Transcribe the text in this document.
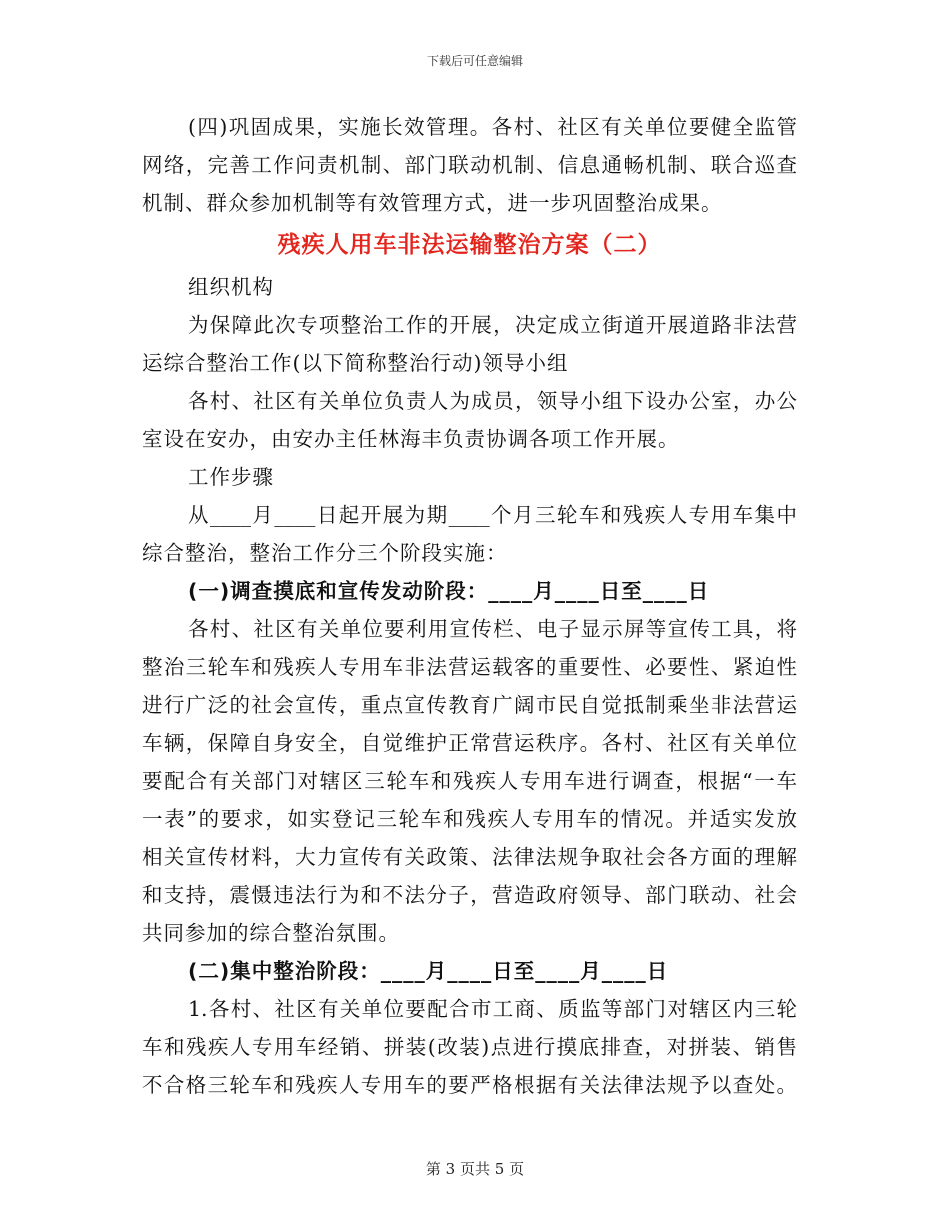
下载后可任意编辑
(四)巩固成果，实施长效管理。各村、社区有关单位要健全监管
网络，完善工作问责机制、部门联动机制、信息通畅机制、联合巡查
机制、群众参加机制等有效管理方式，进一步巩固整治成果。
残疾人用车非法运输整治方案（二）
组织机构
为保障此次专项整治工作的开展，决定成立街道开展道路非法营
运综合整治工作(以下简称整治行动)领导小组
各村、社区有关单位负责人为成员，领导小组下设办公室，办公
室设在安办，由安办主任林海丰负责协调各项工作开展。
工作步骤
从____月____日起开展为期____个月三轮车和残疾人专用车集中
综合整治，整治工作分三个阶段实施：
(一)调查摸底和宣传发动阶段：____月____日至____日
各村、社区有关单位要利用宣传栏、电子显示屏等宣传工具，将
整治三轮车和残疾人专用车非法营运载客的重要性、必要性、紧迫性
进行广泛的社会宣传，重点宣传教育广阔市民自觉抵制乘坐非法营运
车辆，保障自身安全，自觉维护正常营运秩序。各村、社区有关单位
要配合有关部门对辖区三轮车和残疾人专用车进行调查，根据“一车
一表”的要求，如实登记三轮车和残疾人专用车的情况。并适实发放
相关宣传材料，大力宣传有关政策、法律法规争取社会各方面的理解
和支持，震慑违法行为和不法分子，营造政府领导、部门联动、社会
共同参加的综合整治氛围。
(二)集中整治阶段：____月____日至____月____日
1.各村、社区有关单位要配合市工商、质监等部门对辖区内三轮
车和残疾人专用车经销、拼装(改装)点进行摸底排查，对拼装、销售
不合格三轮车和残疾人专用车的要严格根据有关法律法规予以查处。
第 3 页共 5 页
